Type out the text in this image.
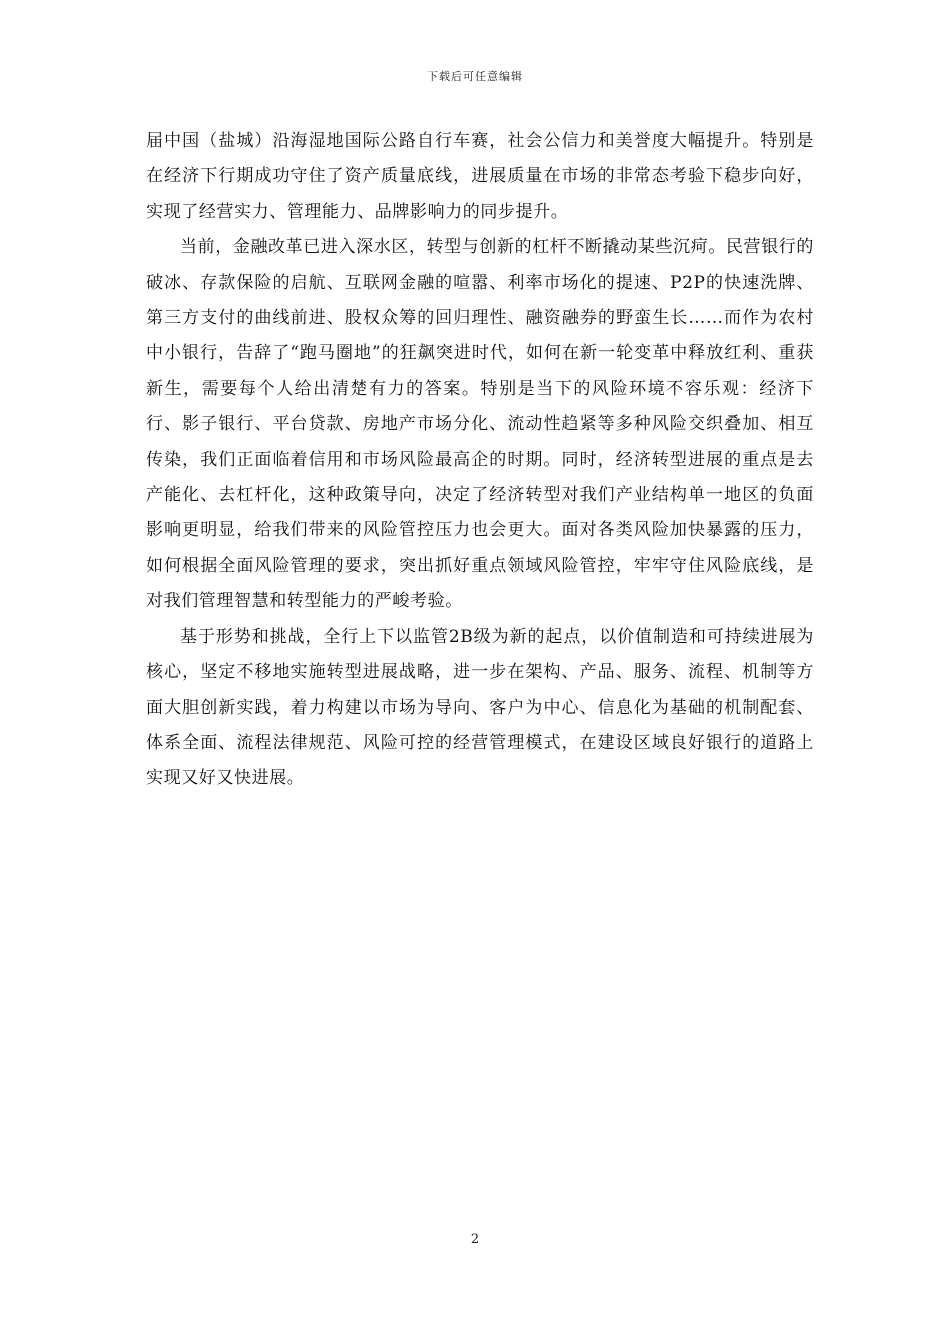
下载后可任意编辑

届中国（盐城）沿海湿地国际公路自行车赛，社会公信力和美誉度大幅提升。特别是在经济下行期成功守住了资产质量底线，进展质量在市场的非常态考验下稳步向好，实现了经营实力、管理能力、品牌影响力的同步提升。

当前，金融改革已进入深水区，转型与创新的杠杆不断撬动某些沉疴。民营银行的破冰、存款保险的启航、互联网金融的喧嚣、利率市场化的提速、P2P的快速洗牌、第三方支付的曲线前进、股权众筹的回归理性、融资融券的野蛮生长……而作为农村中小银行，告辞了“跑马圈地”的狂飙突进时代，如何在新一轮变革中释放红利、重获新生，需要每个人给出清楚有力的答案。特别是当下的风险环境不容乐观：经济下行、影子银行、平台贷款、房地产市场分化、流动性趋紧等多种风险交织叠加、相互传染，我们正面临着信用和市场风险最高企的时期。同时，经济转型进展的重点是去产能化、去杠杆化，这种政策导向，决定了经济转型对我们产业结构单一地区的负面影响更明显，给我们带来的风险管控压力也会更大。面对各类风险加快暴露的压力，如何根据全面风险管理的要求，突出抓好重点领域风险管控，牢牢守住风险底线，是对我们管理智慧和转型能力的严峻考验。

基于形势和挑战，全行上下以监管2B级为新的起点，以价值制造和可持续进展为核心，坚定不移地实施转型进展战略，进一步在架构、产品、服务、流程、机制等方面大胆创新实践，着力构建以市场为导向、客户为中心、信息化为基础的机制配套、体系全面、流程法律规范、风险可控的经营管理模式，在建设区域良好银行的道路上实现又好又快进展。

2
